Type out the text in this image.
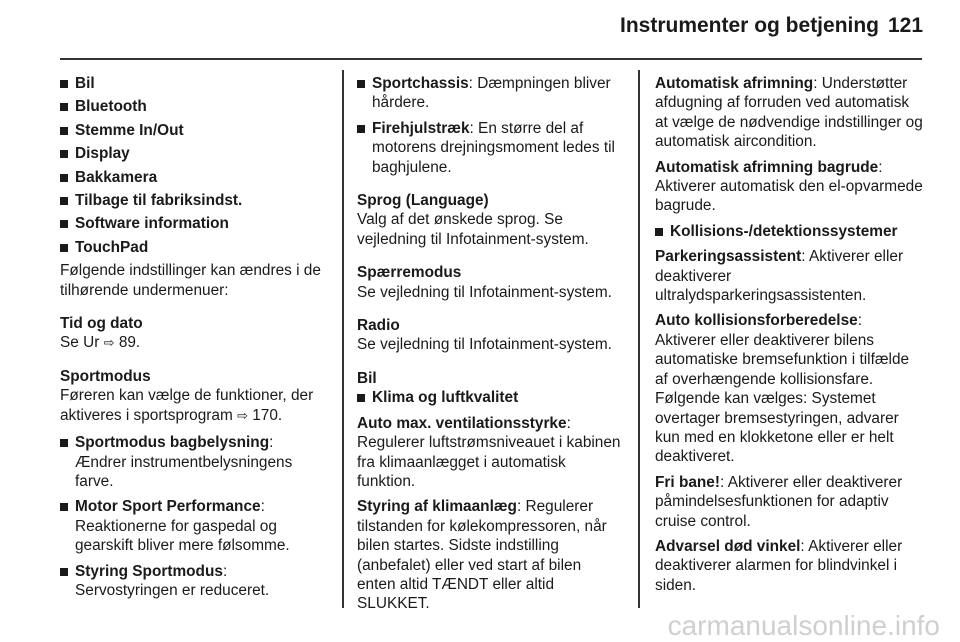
Instrumenter og betjening 121
Bil
Bluetooth
Stemme In/Out
Display
Bakkamera
Tilbage til fabriksindst.
Software information
TouchPad

Følgende indstillinger kan ændres i de tilhørende undermenuer:

Tid og dato

Se Ur ⇨ 89.

Sportmodus

Føreren kan vælge de funktioner, der aktiveres i sportsprogram ⇨ 170.

Sportmodus bagbelysning: Ændrer instrumentbelysningens farve.
Motor Sport Performance: Reaktionerne for gaspedal og gearskift bliver mere følsomme.
Styring Sportmodus: Servostyringen er reduceret.
Sportchassis: Dæmpningen bliver hårdere.
Firehjulstræk: En større del af motorens drejningsmoment ledes til baghjulene.

Sprog (Language)

Valg af det ønskede sprog. Se vejledning til Infotainment-system.

Spærremodus

Se vejledning til Infotainment-system.

Radio

Se vejledning til Infotainment-system.

Bil

Klima og luftkvalitet

Auto max. ventilationsstyrke: Regulerer luftstrømsniveauet i kabinen fra klimaanlægget i automatisk funktion.

Styring af klimaanlæg: Regulerer tilstanden for kølekompressoren, når bilen startes. Sidste indstilling (anbefalet) eller ved start af bilen enten altid TÆNDT eller altid SLUKKET.

Automatisk afrimning: Understøtter afdugning af forruden ved automatisk at vælge de nødvendige indstillinger og automatisk aircondition.

Automatisk afrimning bagrude: Aktiverer automatisk den el-opvarmede bagrude.

Kollisions-/detektionssystemer

Parkeringsassistent: Aktiverer eller deaktiverer ultralydsparkeringsassistenten.

Auto kollisionsforberedelse: Aktiverer eller deaktiverer bilens automatiske bremsefunktion i tilfælde af overhængende kollisionsfare. Følgende kan vælges: Systemet overtager bremsestyringen, advarer kun med en klokketone eller er helt deaktiveret.

Fri bane!: Aktiverer eller deaktiverer påmindelsesfunktionen for adaptiv cruise control.

Advarsel død vinkel: Aktiverer eller deaktiverer alarmen for blindvinkel i siden.

carmanualsonline.info
